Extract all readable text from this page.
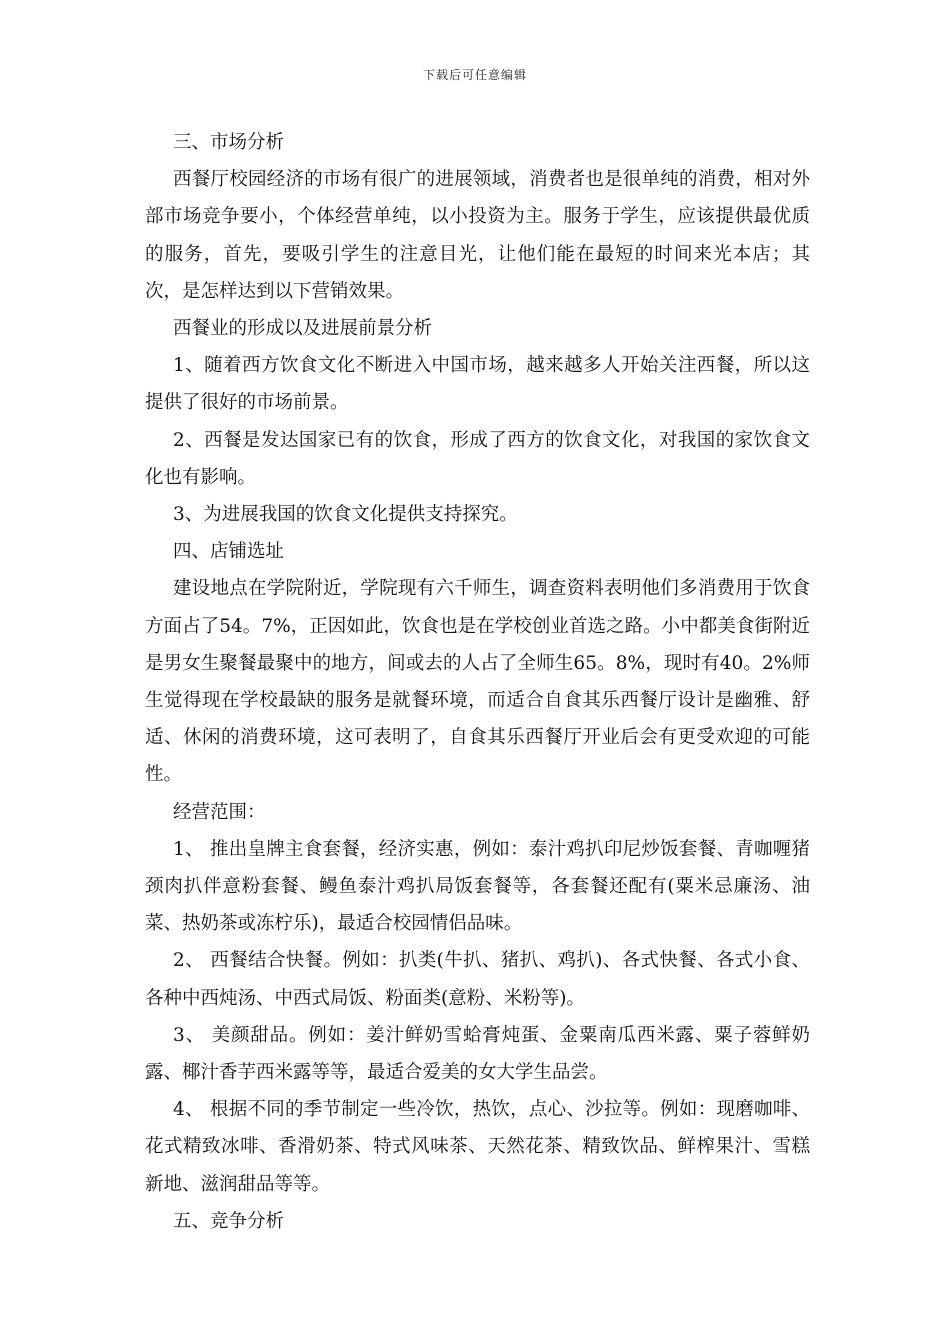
下载后可任意编辑

三、市场分析

西餐厅校园经济的市场有很广的进展领域，消费者也是很单纯的消费，相对外部市场竞争要小，个体经营单纯，以小投资为主。服务于学生，应该提供最优质的服务，首先，要吸引学生的注意目光，让他们能在最短的时间来光本店；其次，是怎样达到以下营销效果。

西餐业的形成以及进展前景分析

1、随着西方饮食文化不断进入中国市场，越来越多人开始关注西餐，所以这提供了很好的市场前景。

2、西餐是发达国家已有的饮食，形成了西方的饮食文化，对我国的家饮食文化也有影响。

3、为进展我国的饮食文化提供支持探究。

四、店铺选址

建设地点在学院附近，学院现有六千师生，调查资料表明他们多消费用于饮食方面占了54。7%，正因如此，饮食也是在学校创业首选之路。小中都美食街附近是男女生聚餐最聚中的地方，间或去的人占了全师生65。8%，现时有40。2%师生觉得现在学校最缺的服务是就餐环境，而适合自食其乐西餐厅设计是幽雅、舒适、休闲的消费环境，这可表明了，自食其乐西餐厅开业后会有更受欢迎的可能性。

经营范围：

1、 推出皇牌主食套餐，经济实惠，例如：泰汁鸡扒印尼炒饭套餐、青咖喱猪颈肉扒伴意粉套餐、鳗鱼泰汁鸡扒局饭套餐等，各套餐还配有(粟米忌廉汤、油菜、热奶茶或冻柠乐)，最适合校园情侣品味。

2、 西餐结合快餐。例如：扒类(牛扒、猪扒、鸡扒)、各式快餐、各式小食、各种中西炖汤、中西式局饭、粉面类(意粉、米粉等)。

3、 美颜甜品。例如：姜汁鲜奶雪蛤膏炖蛋、金粟南瓜西米露、粟子蓉鲜奶露、椰汁香芋西米露等等，最适合爱美的女大学生品尝。

4、 根据不同的季节制定一些冷饮，热饮，点心、沙拉等。例如：现磨咖啡、花式精致冰啡、香滑奶茶、特式风味茶、天然花茶、精致饮品、鲜榨果汁、雪糕新地、滋润甜品等等。

五、竞争分析
